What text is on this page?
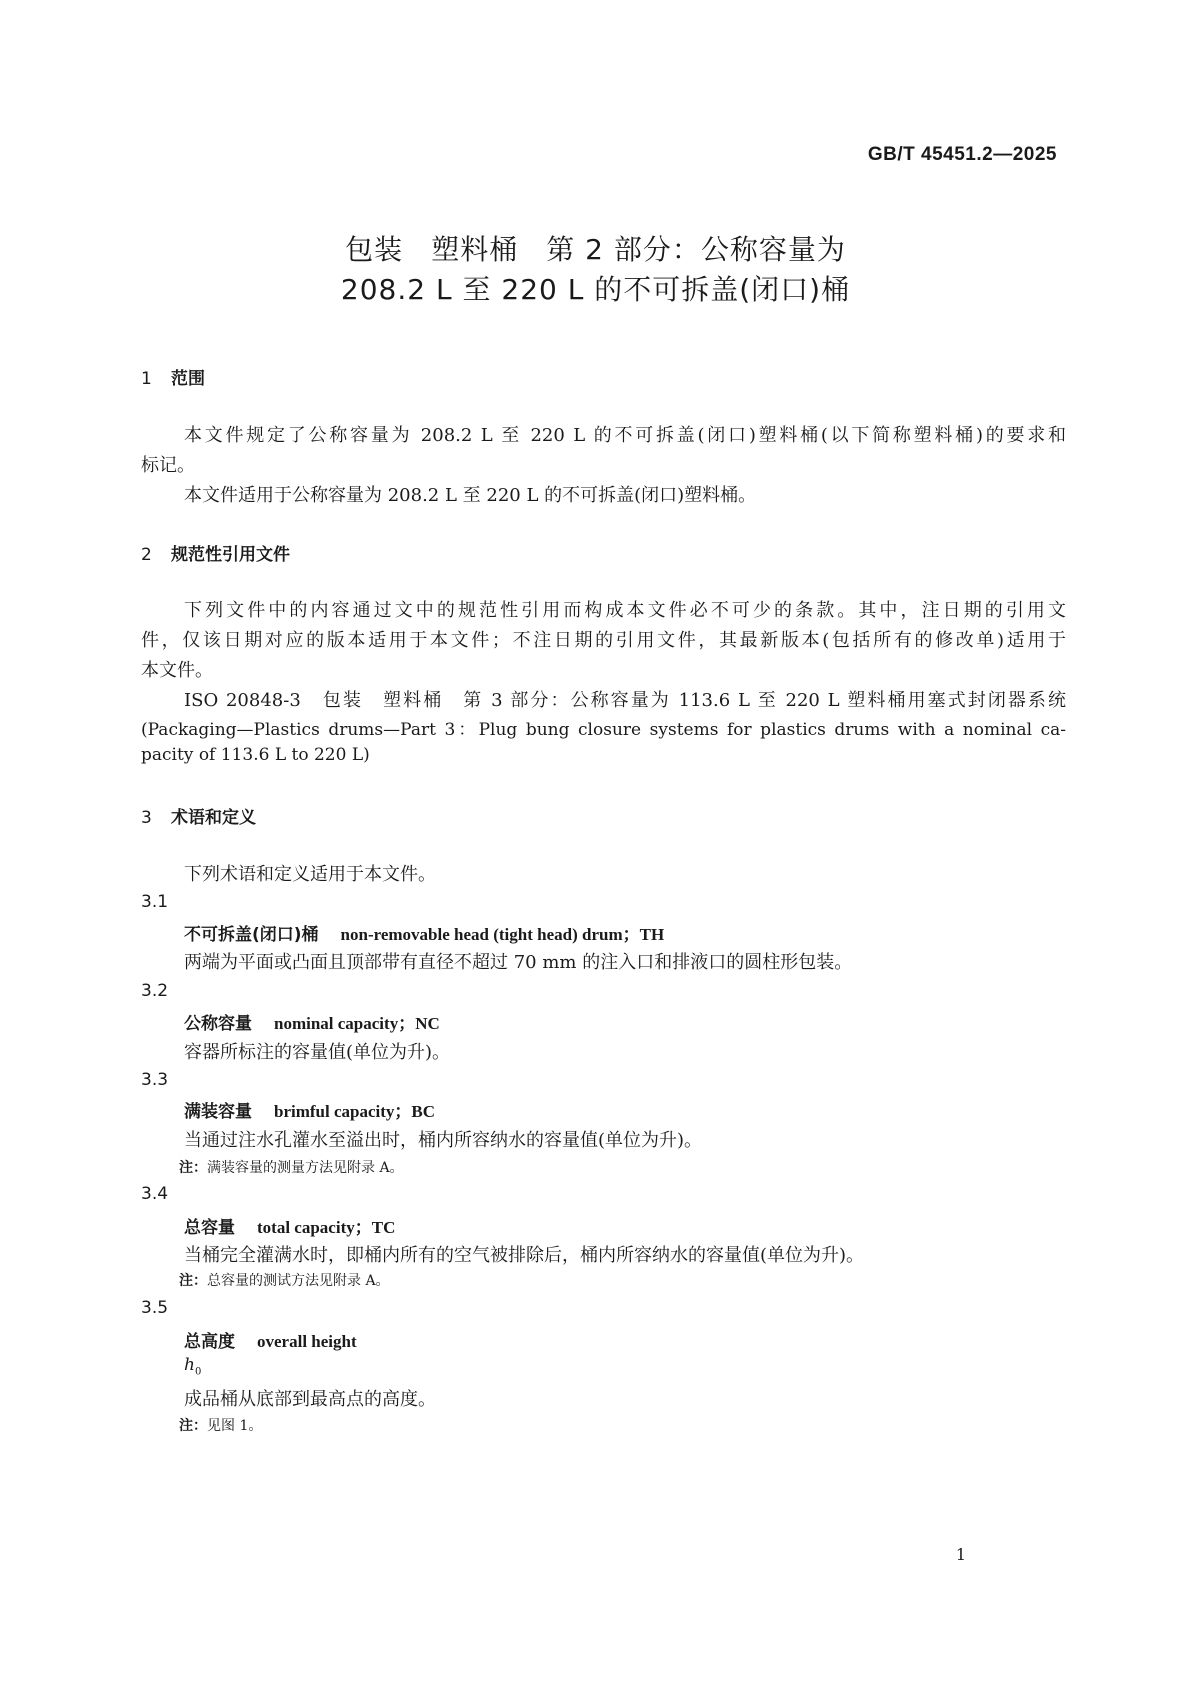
GB/T 45451.2—2025
包装 塑料桶 第 2 部分：公称容量为
208.2 L 至 220 L 的不可拆盖(闭口)桶
1 范围
本文件规定了公称容量为 208.2 L 至 220 L 的不可拆盖(闭口)塑料桶(以下简称塑料桶)的要求和
标记。
本文件适用于公称容量为 208.2 L 至 220 L 的不可拆盖(闭口)塑料桶。
2 规范性引用文件
下列文件中的内容通过文中的规范性引用而构成本文件必不可少的条款。其中，注日期的引用文
件，仅该日期对应的版本适用于本文件；不注日期的引用文件，其最新版本(包括所有的修改单)适用于
本文件。
ISO 20848-3　包装　塑料桶　第 3 部分：公称容量为 113.6 L 至 220 L 塑料桶用塞式封闭器系统
(Packaging—Plastics drums—Part 3：Plug bung closure systems for plastics drums with a nominal ca-
pacity of 113.6 L to 220 L)
3 术语和定义
下列术语和定义适用于本文件。
3.1
不可拆盖(闭口)桶 non-removable head (tight head) drum；TH
两端为平面或凸面且顶部带有直径不超过 70 mm 的注入口和排液口的圆柱形包装。
3.2
公称容量 nominal capacity；NC
容器所标注的容量值(单位为升)。
3.3
满装容量 brimful capacity；BC
当通过注水孔灌水至溢出时，桶内所容纳水的容量值(单位为升)。
注：满装容量的测量方法见附录 A。
3.4
总容量 total capacity；TC
当桶完全灌满水时，即桶内所有的空气被排除后，桶内所容纳水的容量值(单位为升)。
注：总容量的测试方法见附录 A。
3.5
总高度 overall height
$h_0$
成品桶从底部到最高点的高度。
注：见图 1。
1
